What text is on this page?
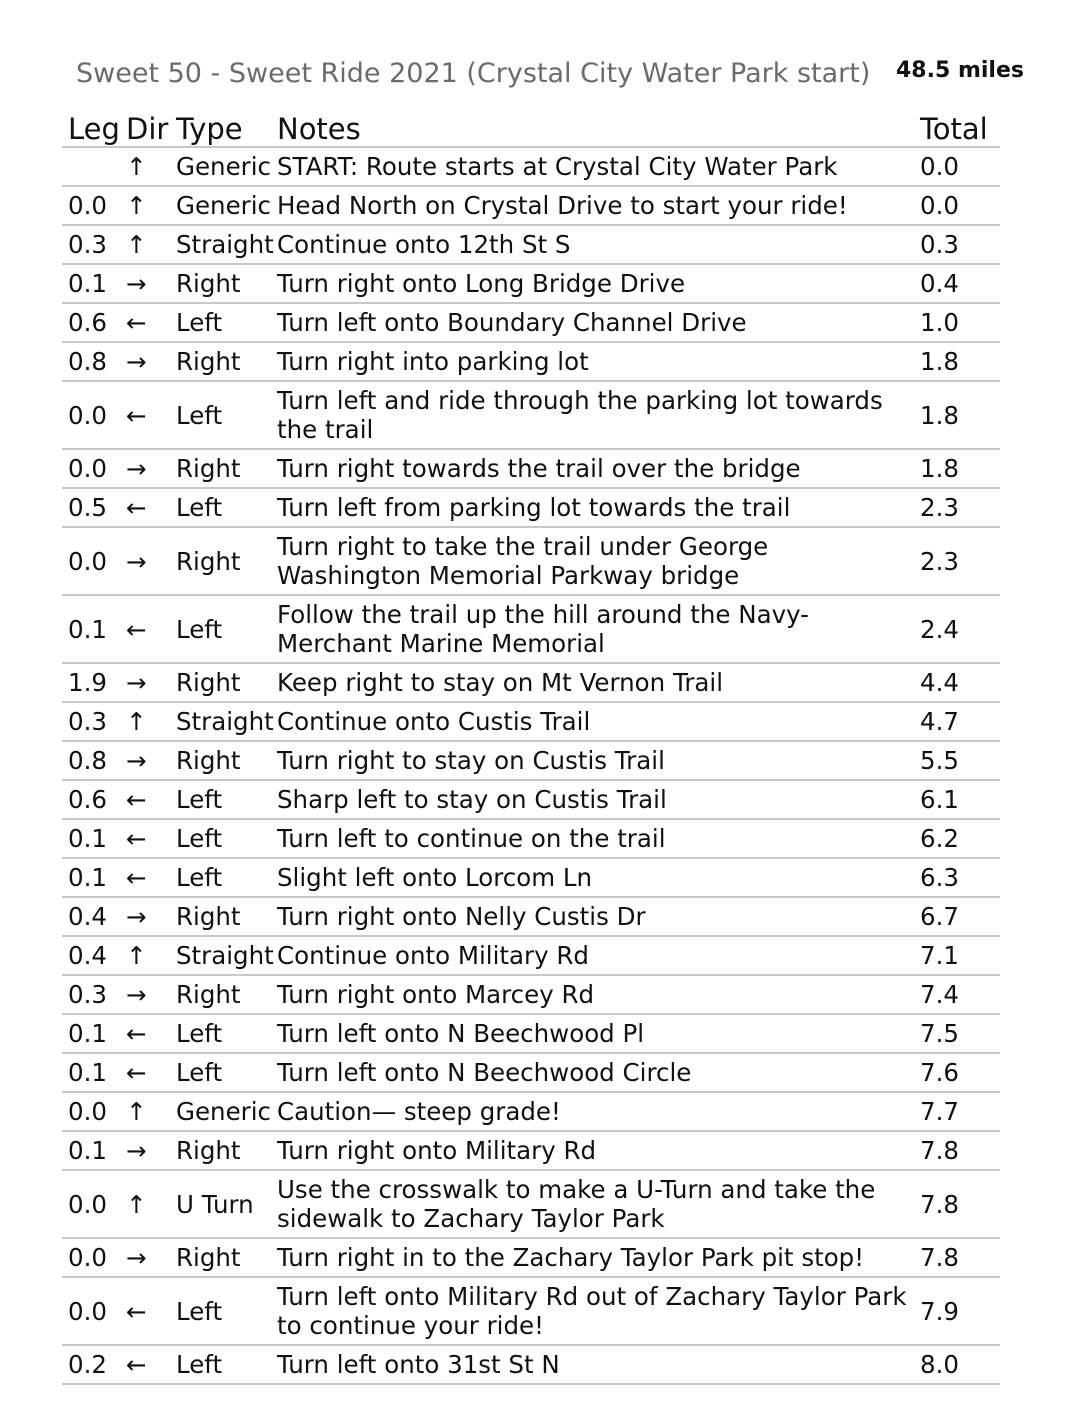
Sweet 50 - Sweet Ride 2021 (Crystal City Water Park start) 48.5 miles
Leg	Dir	Type	Notes	Total
	↑	Generic	START: Route starts at Crystal City Water Park	0.0
0.0	↑	Generic	Head North on Crystal Drive to start your ride!	0.0
0.3	↑	Straight	Continue onto 12th St S	0.3
0.1	→	Right	Turn right onto Long Bridge Drive	0.4
0.6	←	Left	Turn left onto Boundary Channel Drive	1.0
0.8	→	Right	Turn right into parking lot	1.8
0.0	←	Left	Turn left and ride through the parking lot towards the trail	1.8
0.0	→	Right	Turn right towards the trail over the bridge	1.8
0.5	←	Left	Turn left from parking lot towards the trail	2.3
0.0	→	Right	Turn right to take the trail under George Washington Memorial Parkway bridge	2.3
0.1	←	Left	Follow the trail up the hill around the Navy-Merchant Marine Memorial	2.4
1.9	→	Right	Keep right to stay on Mt Vernon Trail	4.4
0.3	↑	Straight	Continue onto Custis Trail	4.7
0.8	→	Right	Turn right to stay on Custis Trail	5.5
0.6	←	Left	Sharp left to stay on Custis Trail	6.1
0.1	←	Left	Turn left to continue on the trail	6.2
0.1	←	Left	Slight left onto Lorcom Ln	6.3
0.4	→	Right	Turn right onto Nelly Custis Dr	6.7
0.4	↑	Straight	Continue onto Military Rd	7.1
0.3	→	Right	Turn right onto Marcey Rd	7.4
0.1	←	Left	Turn left onto N Beechwood Pl	7.5
0.1	←	Left	Turn left onto N Beechwood Circle	7.6
0.0	↑	Generic	Caution— steep grade!	7.7
0.1	→	Right	Turn right onto Military Rd	7.8
0.0	↑	U Turn	Use the crosswalk to make a U-Turn and take the sidewalk to Zachary Taylor Park	7.8
0.0	→	Right	Turn right in to the Zachary Taylor Park pit stop!	7.8
0.0	←	Left	Turn left onto Military Rd out of Zachary Taylor Park to continue your ride!	7.9
0.2	←	Left	Turn left onto 31st St N	8.0
